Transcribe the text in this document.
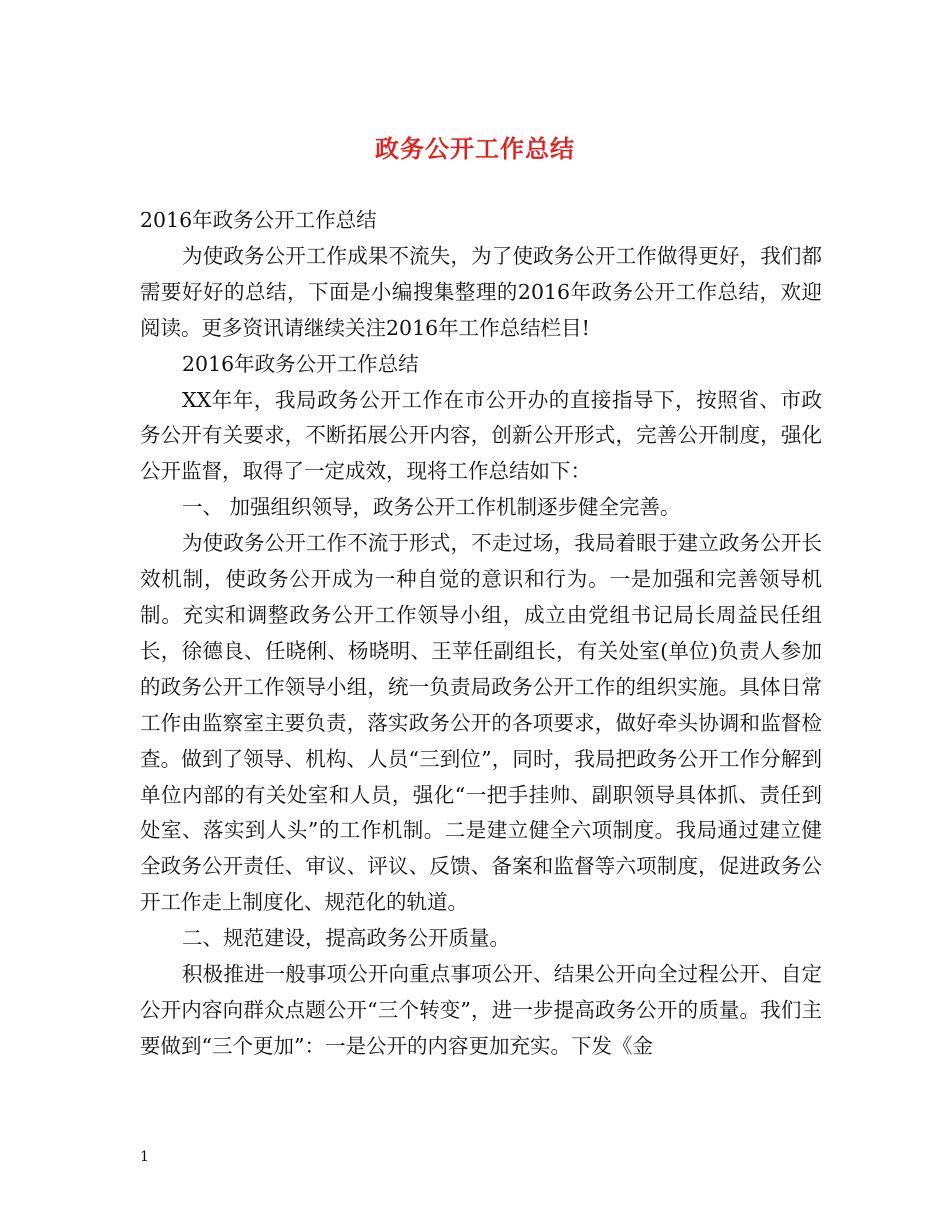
政务公开工作总结

2016年政务公开工作总结

为使政务公开工作成果不流失，为了使政务公开工作做得更好，我们都需要好好的总结，下面是小编搜集整理的2016年政务公开工作总结，欢迎阅读。更多资讯请继续关注2016年工作总结栏目!

2016年政务公开工作总结

XX年年，我局政务公开工作在市公开办的直接指导下，按照省、市政务公开有关要求，不断拓展公开内容，创新公开形式，完善公开制度，强化公开监督，取得了一定成效，现将工作总结如下：

一、 加强组织领导，政务公开工作机制逐步健全完善。

为使政务公开工作不流于形式，不走过场，我局着眼于建立政务公开长效机制，使政务公开成为一种自觉的意识和行为。一是加强和完善领导机制。充实和调整政务公开工作领导小组，成立由党组书记局长周益民任组长，徐德良、任晓俐、杨晓明、王苹任副组长，有关处室(单位)负责人参加的政务公开工作领导小组，统一负责局政务公开工作的组织实施。具体日常工作由监察室主要负责，落实政务公开的各项要求，做好牵头协调和监督检查。做到了领导、机构、人员“三到位”，同时，我局把政务公开工作分解到单位内部的有关处室和人员，强化“一把手挂帅、副职领导具体抓、责任到处室、落实到人头”的工作机制。二是建立健全六项制度。我局通过建立健全政务公开责任、审议、评议、反馈、备案和监督等六项制度，促进政务公开工作走上制度化、规范化的轨道。

二、规范建设，提高政务公开质量。

积极推进一般事项公开向重点事项公开、结果公开向全过程公开、自定公开内容向群众点题公开“三个转变”，进一步提高政务公开的质量。我们主要做到“三个更加”：一是公开的内容更加充实。下发《金

1
